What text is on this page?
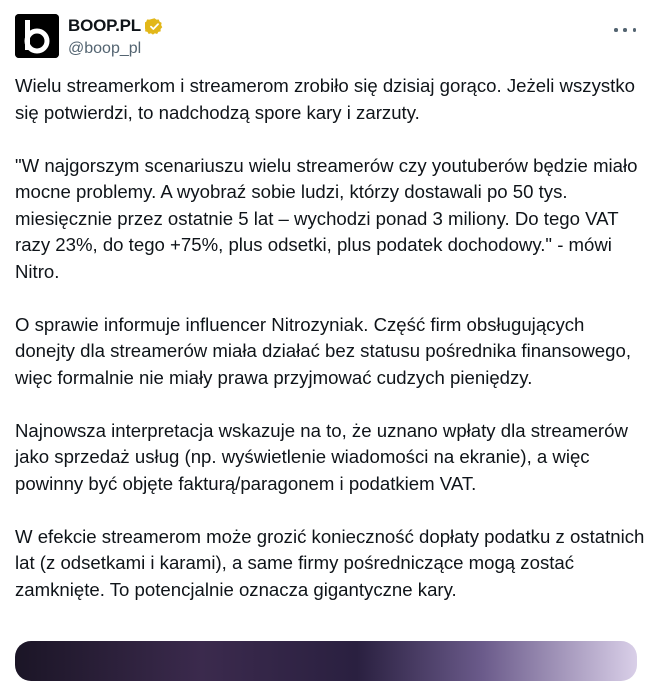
BOOP.PL
@boop_pl

Wielu streamerkom i streamerom zrobiło się dzisiaj gorąco. Jeżeli wszystko się potwierdzi, to nadchodzą spore kary i zarzuty.

"W najgorszym scenariuszu wielu streamerów czy youtuberów będzie miało mocne problemy. A wyobraź sobie ludzi, którzy dostawali po 50 tys. miesięcznie przez ostatnie 5 lat – wychodzi ponad 3 miliony. Do tego VAT razy 23%, do tego +75%, plus odsetki, plus podatek dochodowy." - mówi Nitro.

O sprawie informuje influencer Nitrozyniak. Część firm obsługujących donejty dla streamerów miała działać bez statusu pośrednika finansowego, więc formalnie nie miały prawa przyjmować cudzych pieniędzy.

Najnowsza interpretacja wskazuje na to, że uznano wpłaty dla streamerów jako sprzedaż usług (np. wyświetlenie wiadomości na ekranie), a więc powinny być objęte fakturą/paragonem i podatkiem VAT.

W efekcie streamerom może grozić konieczność dopłaty podatku z ostatnich lat (z odsetkami i karami), a same firmy pośredniczące mogą zostać zamknięte. To potencjalnie oznacza gigantyczne kary.
